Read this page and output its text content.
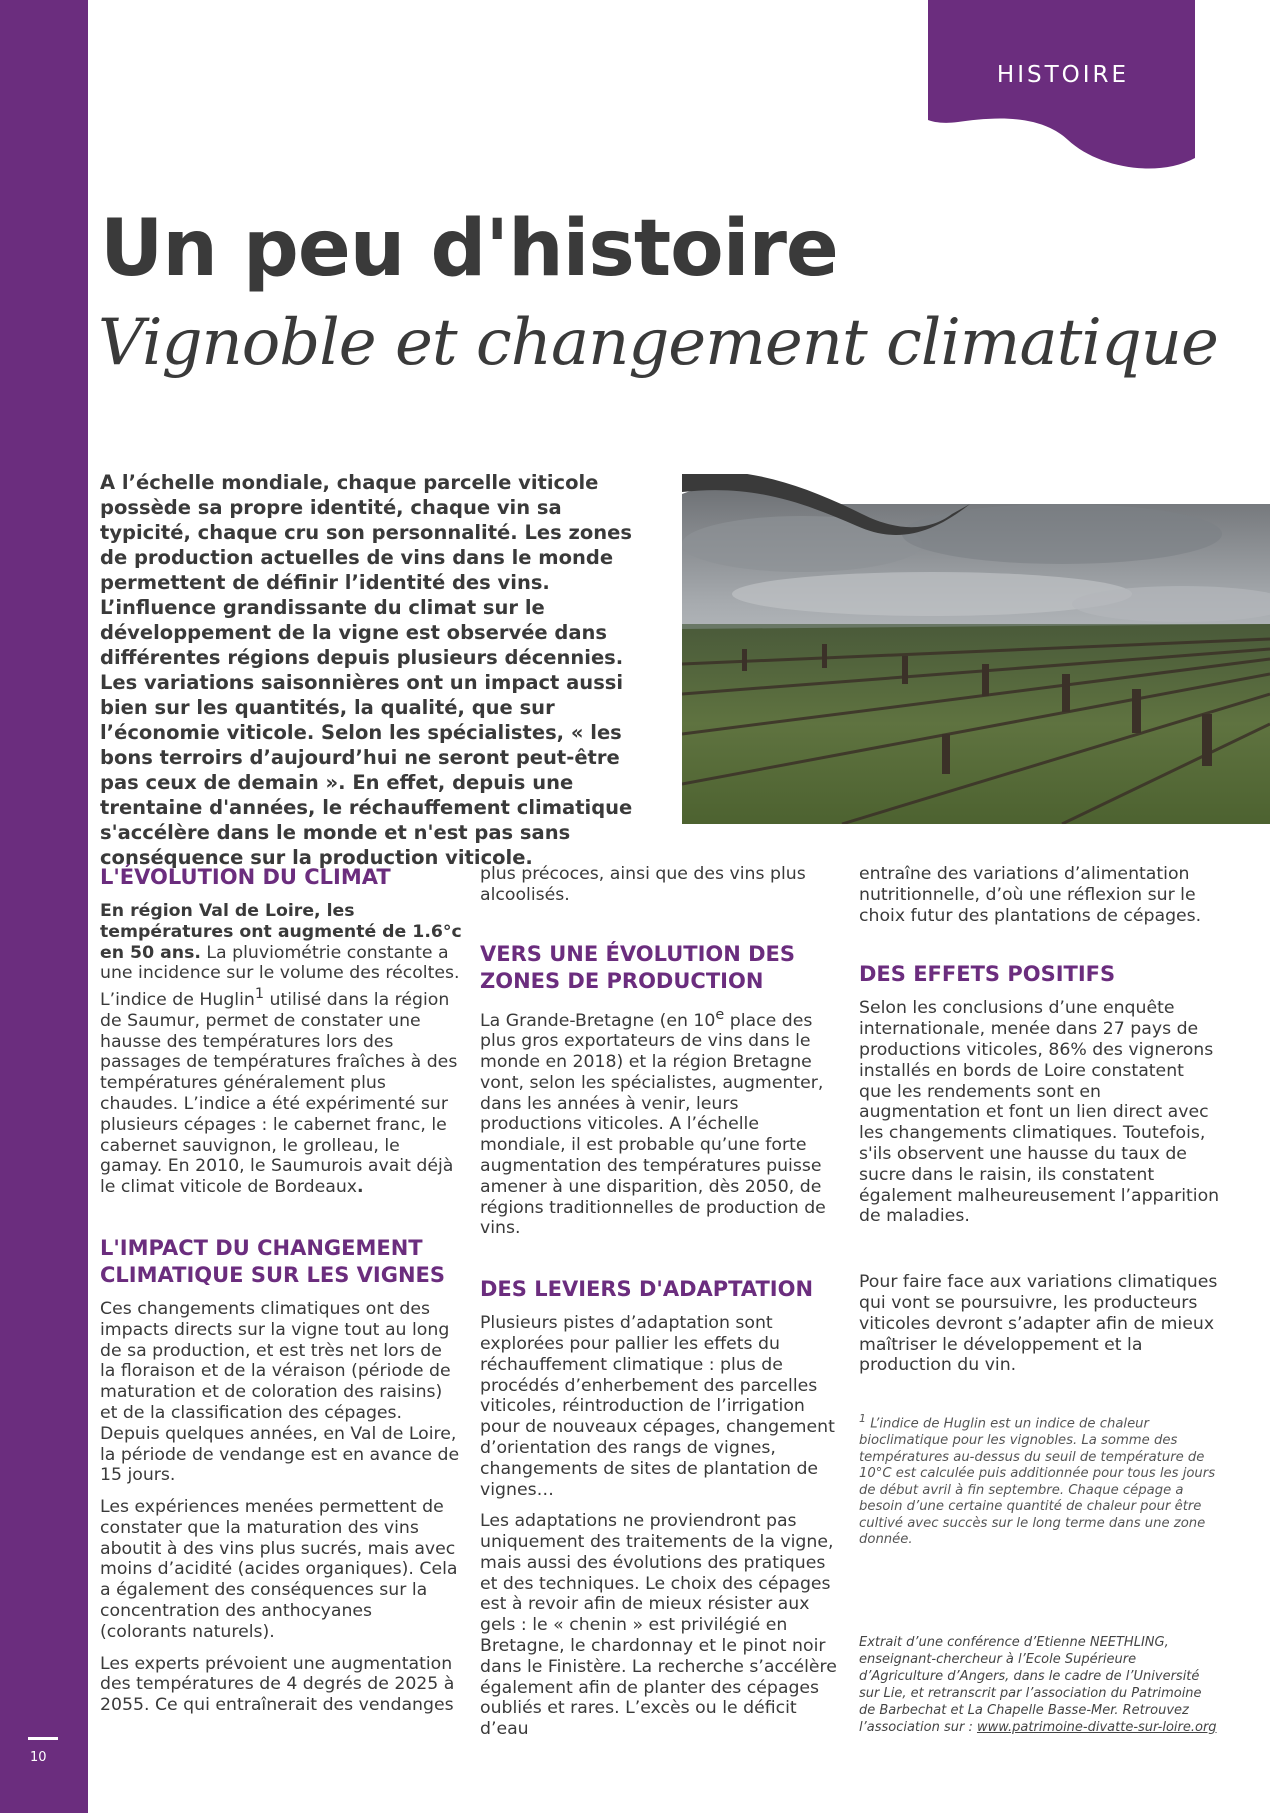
10
HISTOIRE
Un peu d'histoire
Vignoble et changement climatique

A l’échelle mondiale, chaque parcelle viticole possède sa propre identité, chaque vin sa typicité, chaque cru son personnalité. Les zones de production actuelles de vins dans le monde permettent de définir l’identité des vins. L’influence grandissante du climat sur le développement de la vigne est observée dans différentes régions depuis plusieurs décennies. Les variations saisonnières ont un impact aussi bien sur les quantités, la qualité, que sur l’économie viticole. Selon les spécialistes, « les bons terroirs d’aujourd’hui ne seront peut-être pas ceux de demain ». En effet, depuis une trentaine d'années, le réchauffement climatique s'accélère dans le monde et n'est pas sans conséquence sur la production viticole.

L'ÉVOLUTION DU CLIMAT

En région Val de Loire, les températures ont augmenté de 1.6°c en 50 ans. La pluviométrie constante a une incidence sur le volume des récoltes. L’indice de Huglin$^1$ utilisé dans la région de Saumur, permet de constater une hausse des températures lors des passages de températures fraîches à des températures généralement plus chaudes. L’indice a été expérimenté sur plusieurs cépages : le cabernet franc, le cabernet sauvignon, le grolleau, le gamay. En 2010, le Saumurois avait déjà le climat viticole de Bordeaux.

L'IMPACT DU CHANGEMENT CLIMATIQUE SUR LES VIGNES

Ces changements climatiques ont des impacts directs sur la vigne tout au long de sa production, et est très net lors de la floraison et de la véraison (période de maturation et de coloration des raisins) et de la classification des cépages. Depuis quelques années, en Val de Loire, la période de vendange est en avance de 15 jours.

Les expériences menées permettent de constater que la maturation des vins aboutit à des vins plus sucrés, mais avec moins d’acidité (acides organiques). Cela a également des conséquences sur la concentration des anthocyanes (colorants naturels).

Les experts prévoient une augmentation des températures de 4 degrés de 2025 à 2055. Ce qui entraînerait des vendanges

plus précoces, ainsi que des vins plus alcoolisés.

VERS UNE ÉVOLUTION DES ZONES DE PRODUCTION

La Grande-Bretagne (en 10e place des plus gros exportateurs de vins dans le monde en 2018) et la région Bretagne vont, selon les spécialistes, augmenter, dans les années à venir, leurs productions viticoles. A l’échelle mondiale, il est probable qu’une forte augmentation des températures puisse amener à une disparition, dès 2050, de régions traditionnelles de production de vins.

DES LEVIERS D'ADAPTATION

Plusieurs pistes d’adaptation sont explorées pour pallier les effets du réchauffement climatique : plus de procédés d’enherbement des parcelles viticoles, réintroduction de l’irrigation pour de nouveaux cépages, changement d’orientation des rangs de vignes, changements de sites de plantation de vignes…

Les adaptations ne proviendront pas uniquement des traitements de la vigne, mais aussi des évolutions des pratiques et des techniques. Le choix des cépages est à revoir afin de mieux résister aux gels : le « chenin » est privilégié en Bretagne, le chardonnay et le pinot noir dans le Finistère. La recherche s’accélère également afin de planter des cépages oubliés et rares. L’excès ou le déficit d’eau

entraîne des variations d’alimentation nutritionnelle, d’où une réflexion sur le choix futur des plantations de cépages.

DES EFFETS POSITIFS

Selon les conclusions d’une enquête internationale, menée dans 27 pays de productions viticoles, 86% des vignerons installés en bords de Loire constatent que les rendements sont en augmentation et font un lien direct avec les changements climatiques. Toutefois, s'ils observent une hausse du taux de sucre dans le raisin, ils constatent également malheureusement l’apparition de maladies.

Pour faire face aux variations climatiques qui vont se poursuivre, les producteurs viticoles devront s’adapter afin de mieux maîtriser le développement et la production du vin.

$^1$ L’indice de Huglin est un indice de chaleur bioclimatique pour les vignobles. La somme des températures au-dessus du seuil de température de 10°C est calculée puis additionnée pour tous les jours de début avril à fin septembre. Chaque cépage a besoin d’une certaine quantité de chaleur pour être cultivé avec succès sur le long terme dans une zone donnée.

Extrait d’une conférence d’Etienne NEETHLING, enseignant-chercheur à l’Ecole Supérieure d’Agriculture d’Angers, dans le cadre de l’Université sur Lie, et retranscrit par l’association du Patrimoine de Barbechat et La Chapelle Basse-Mer. Retrouvez l’association sur : www.patrimoine-divatte-sur-loire.org
